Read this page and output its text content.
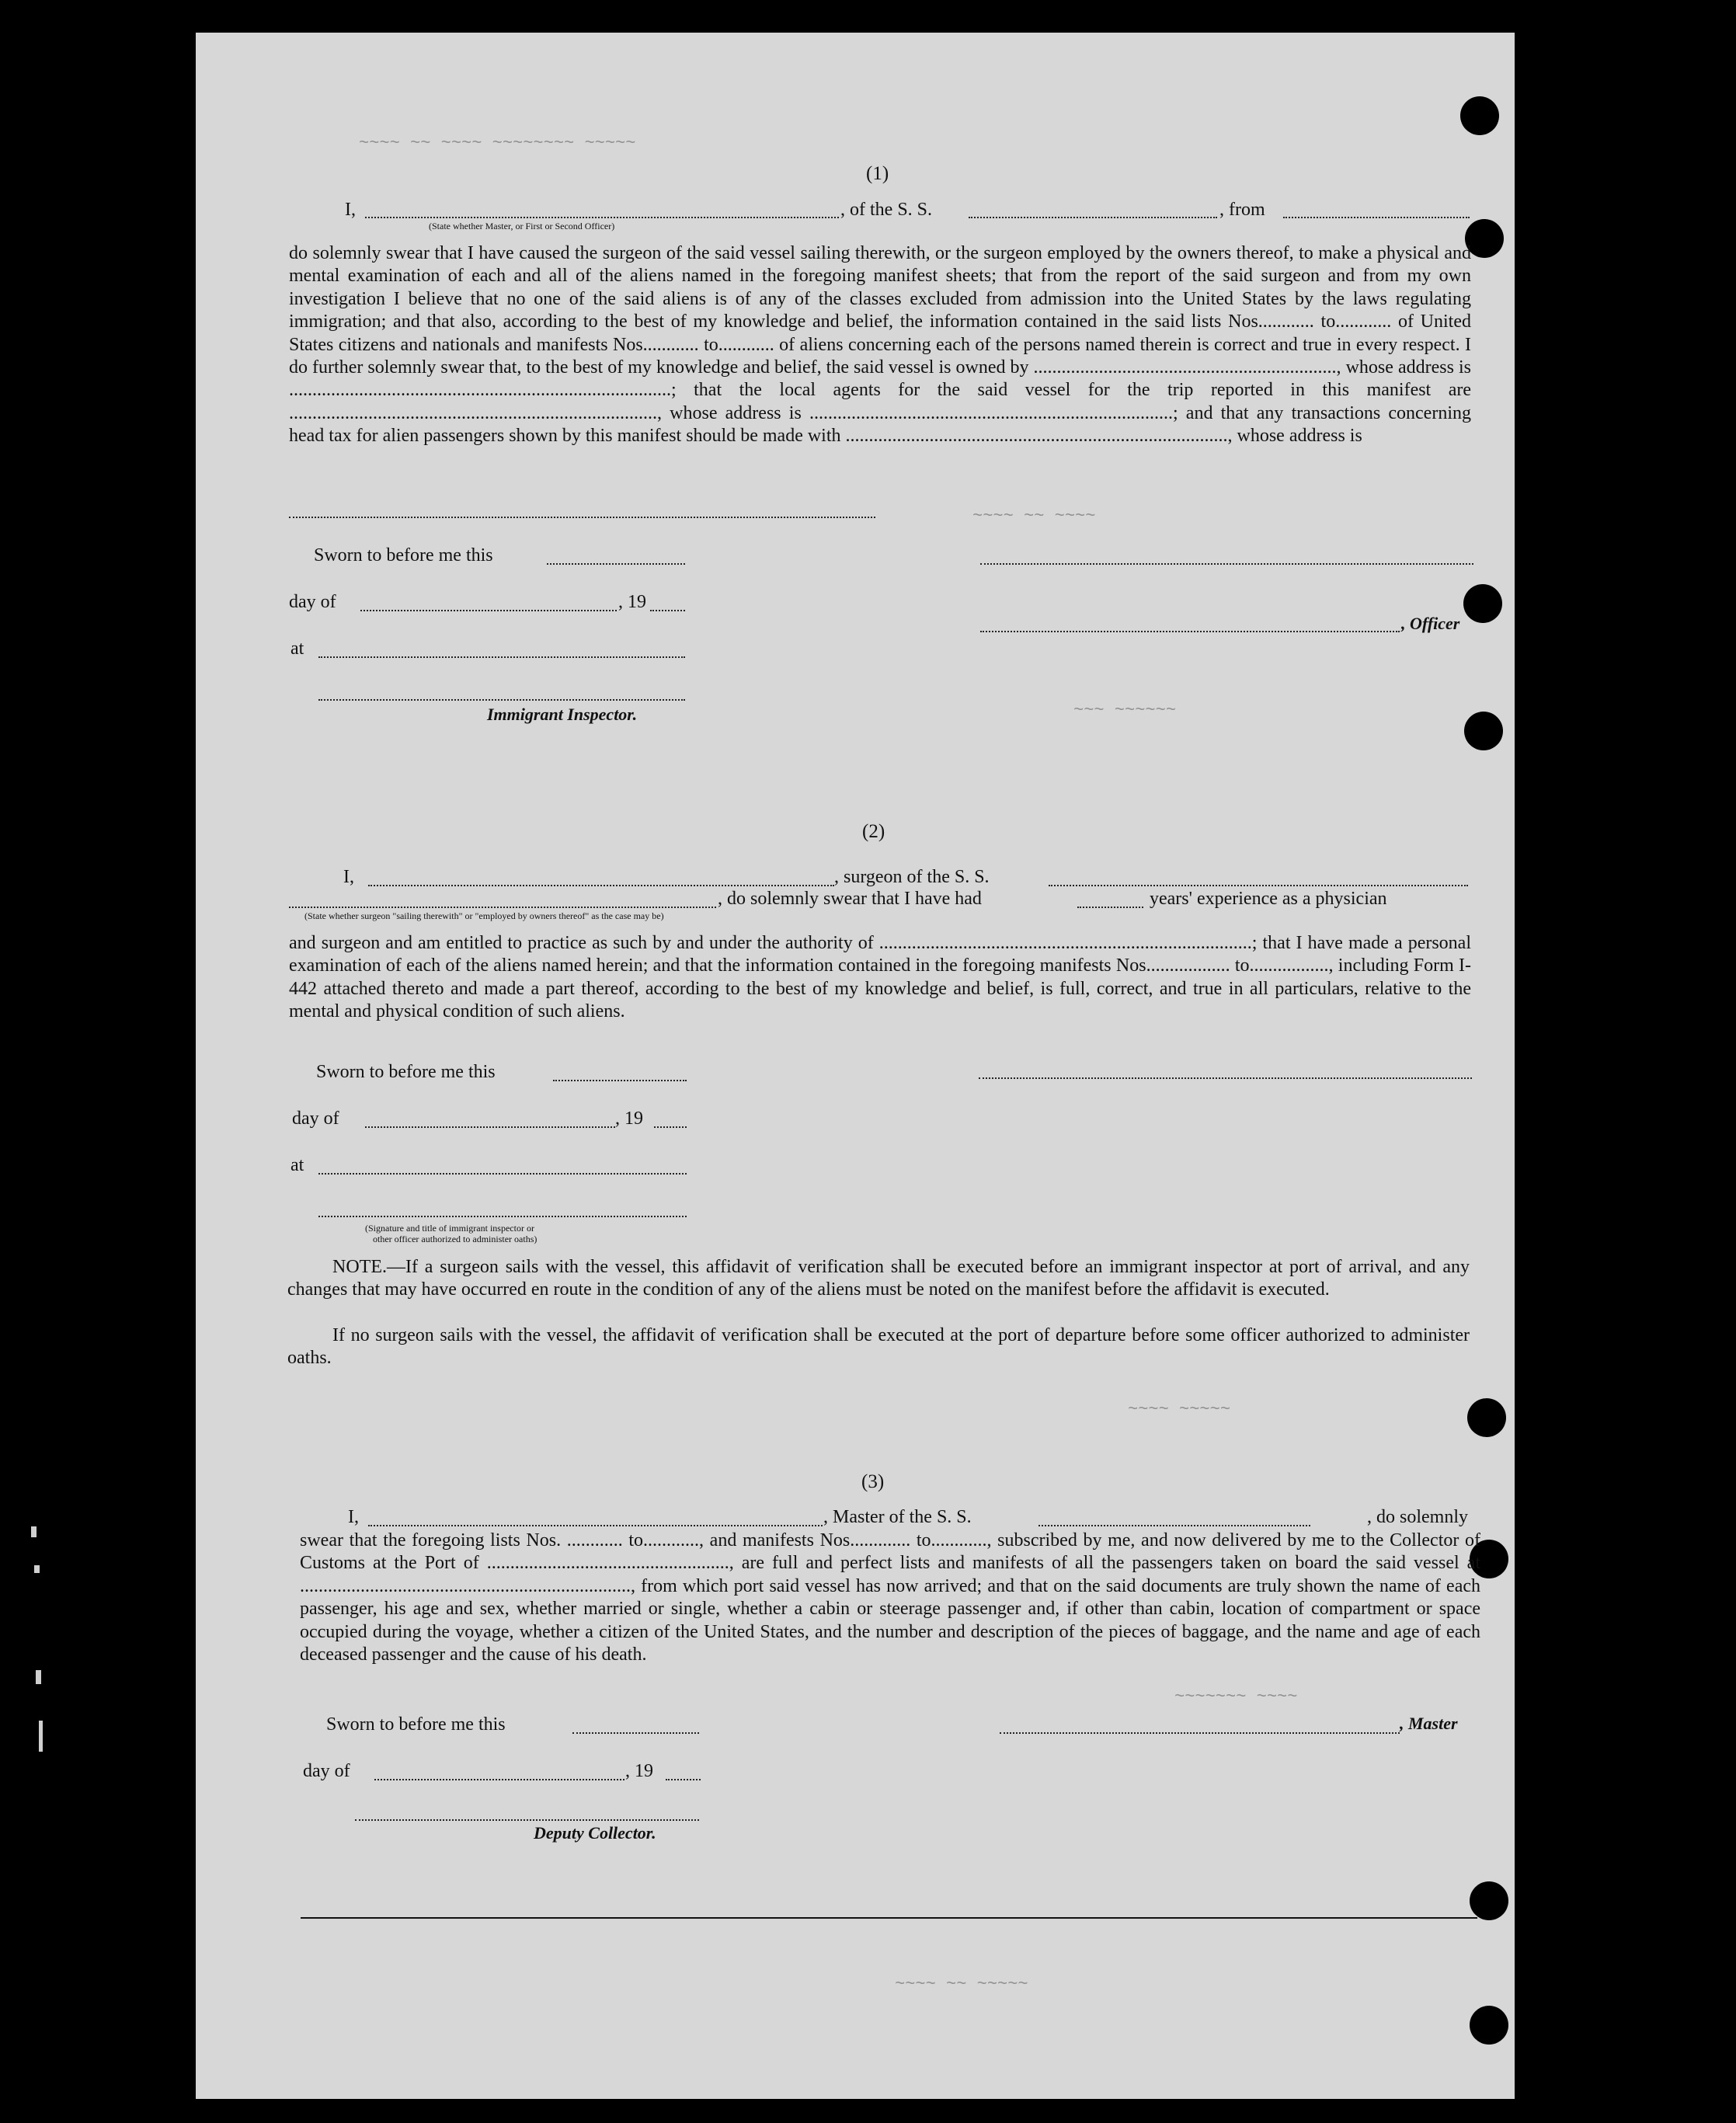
~~~~ ~~ ~~~~ ~~~~~~~~ ~~~~~
~~~~ ~~ ~~~~
~~~ ~~~~~~
~~~~ ~~~~~
~~~~~~~ ~~~~
~~~~ ~~ ~~~~~
(1)
I,	, of the S. S.	, from
(State whether Master, or First or Second Officer)

do solemnly swear that I have caused the surgeon of the said vessel sailing therewith, or the surgeon employed by the owners thereof, to make a physical and mental examination of each and all of the aliens named in the foregoing manifest sheets; that from the report of the said surgeon and from my own investigation I believe that no one of the said aliens is of any of the classes excluded from admission into the United States by the laws regulating immigration; and that also, according to the best of my knowledge and belief, the information contained in the said lists Nos............ to............ of United States citizens and nationals and manifests Nos............ to............ of aliens concerning each of the persons named therein is correct and true in every respect. I do further solemnly swear that, to the best of my knowledge and belief, the said vessel is owned by ................................................................., whose address is ..................................................................................; that the local agents for the said vessel for the trip reported in this manifest are ..............................................................................., whose address is ..............................................................................; and that any transactions concerning head tax for alien passengers shown by this manifest should be made with .................................................................................., whose address is

Sworn to before me this
day of	, 19
, Officer
at
Immigrant Inspector.
(2)
I,	, surgeon of the S. S.
, do solemnly swear that I have had	years' experience as a physician
(State whether surgeon "sailing therewith" or "employed by owners thereof" as the case may be)

and surgeon and am entitled to practice as such by and under the authority of ................................................................................; that I have made a personal examination of each of the aliens named herein; and that the information contained in the foregoing manifests Nos.................. to................., including Form I-442 attached thereto and made a part thereof, according to the best of my knowledge and belief, is full, correct, and true in all particulars, relative to the mental and physical condition of such aliens.

Sworn to before me this
day of	, 19
at
(Signature and title of immigrant inspector or
other officer authorized to administer oaths)

NOTE.—If a surgeon sails with the vessel, this affidavit of verification shall be executed before an immigrant inspector at port of arrival, and any changes that may have occurred en route in the condition of any of the aliens must be noted on the manifest before the affidavit is executed.

If no surgeon sails with the vessel, the affidavit of verification shall be executed at the port of departure before some officer authorized to administer oaths.

(3)
I,	, Master of the S. S.	, do solemnly

swear that the foregoing lists Nos. ............ to............, and manifests Nos............. to............, subscribed by me, and now delivered by me to the Collector of Customs at the Port of ...................................................., are full and perfect lists and manifests of all the passengers taken on board the said vessel at ......................................................................., from which port said vessel has now arrived; and that on the said documents are truly shown the name of each passenger, his age and sex, whether married or single, whether a cabin or steerage passenger and, if other than cabin, location of compartment or space occupied during the voyage, whether a citizen of the United States, and the number and description of the pieces of baggage, and the name and age of each deceased passenger and the cause of his death.

Sworn to before me this	, Master
day of	, 19
Deputy Collector.
